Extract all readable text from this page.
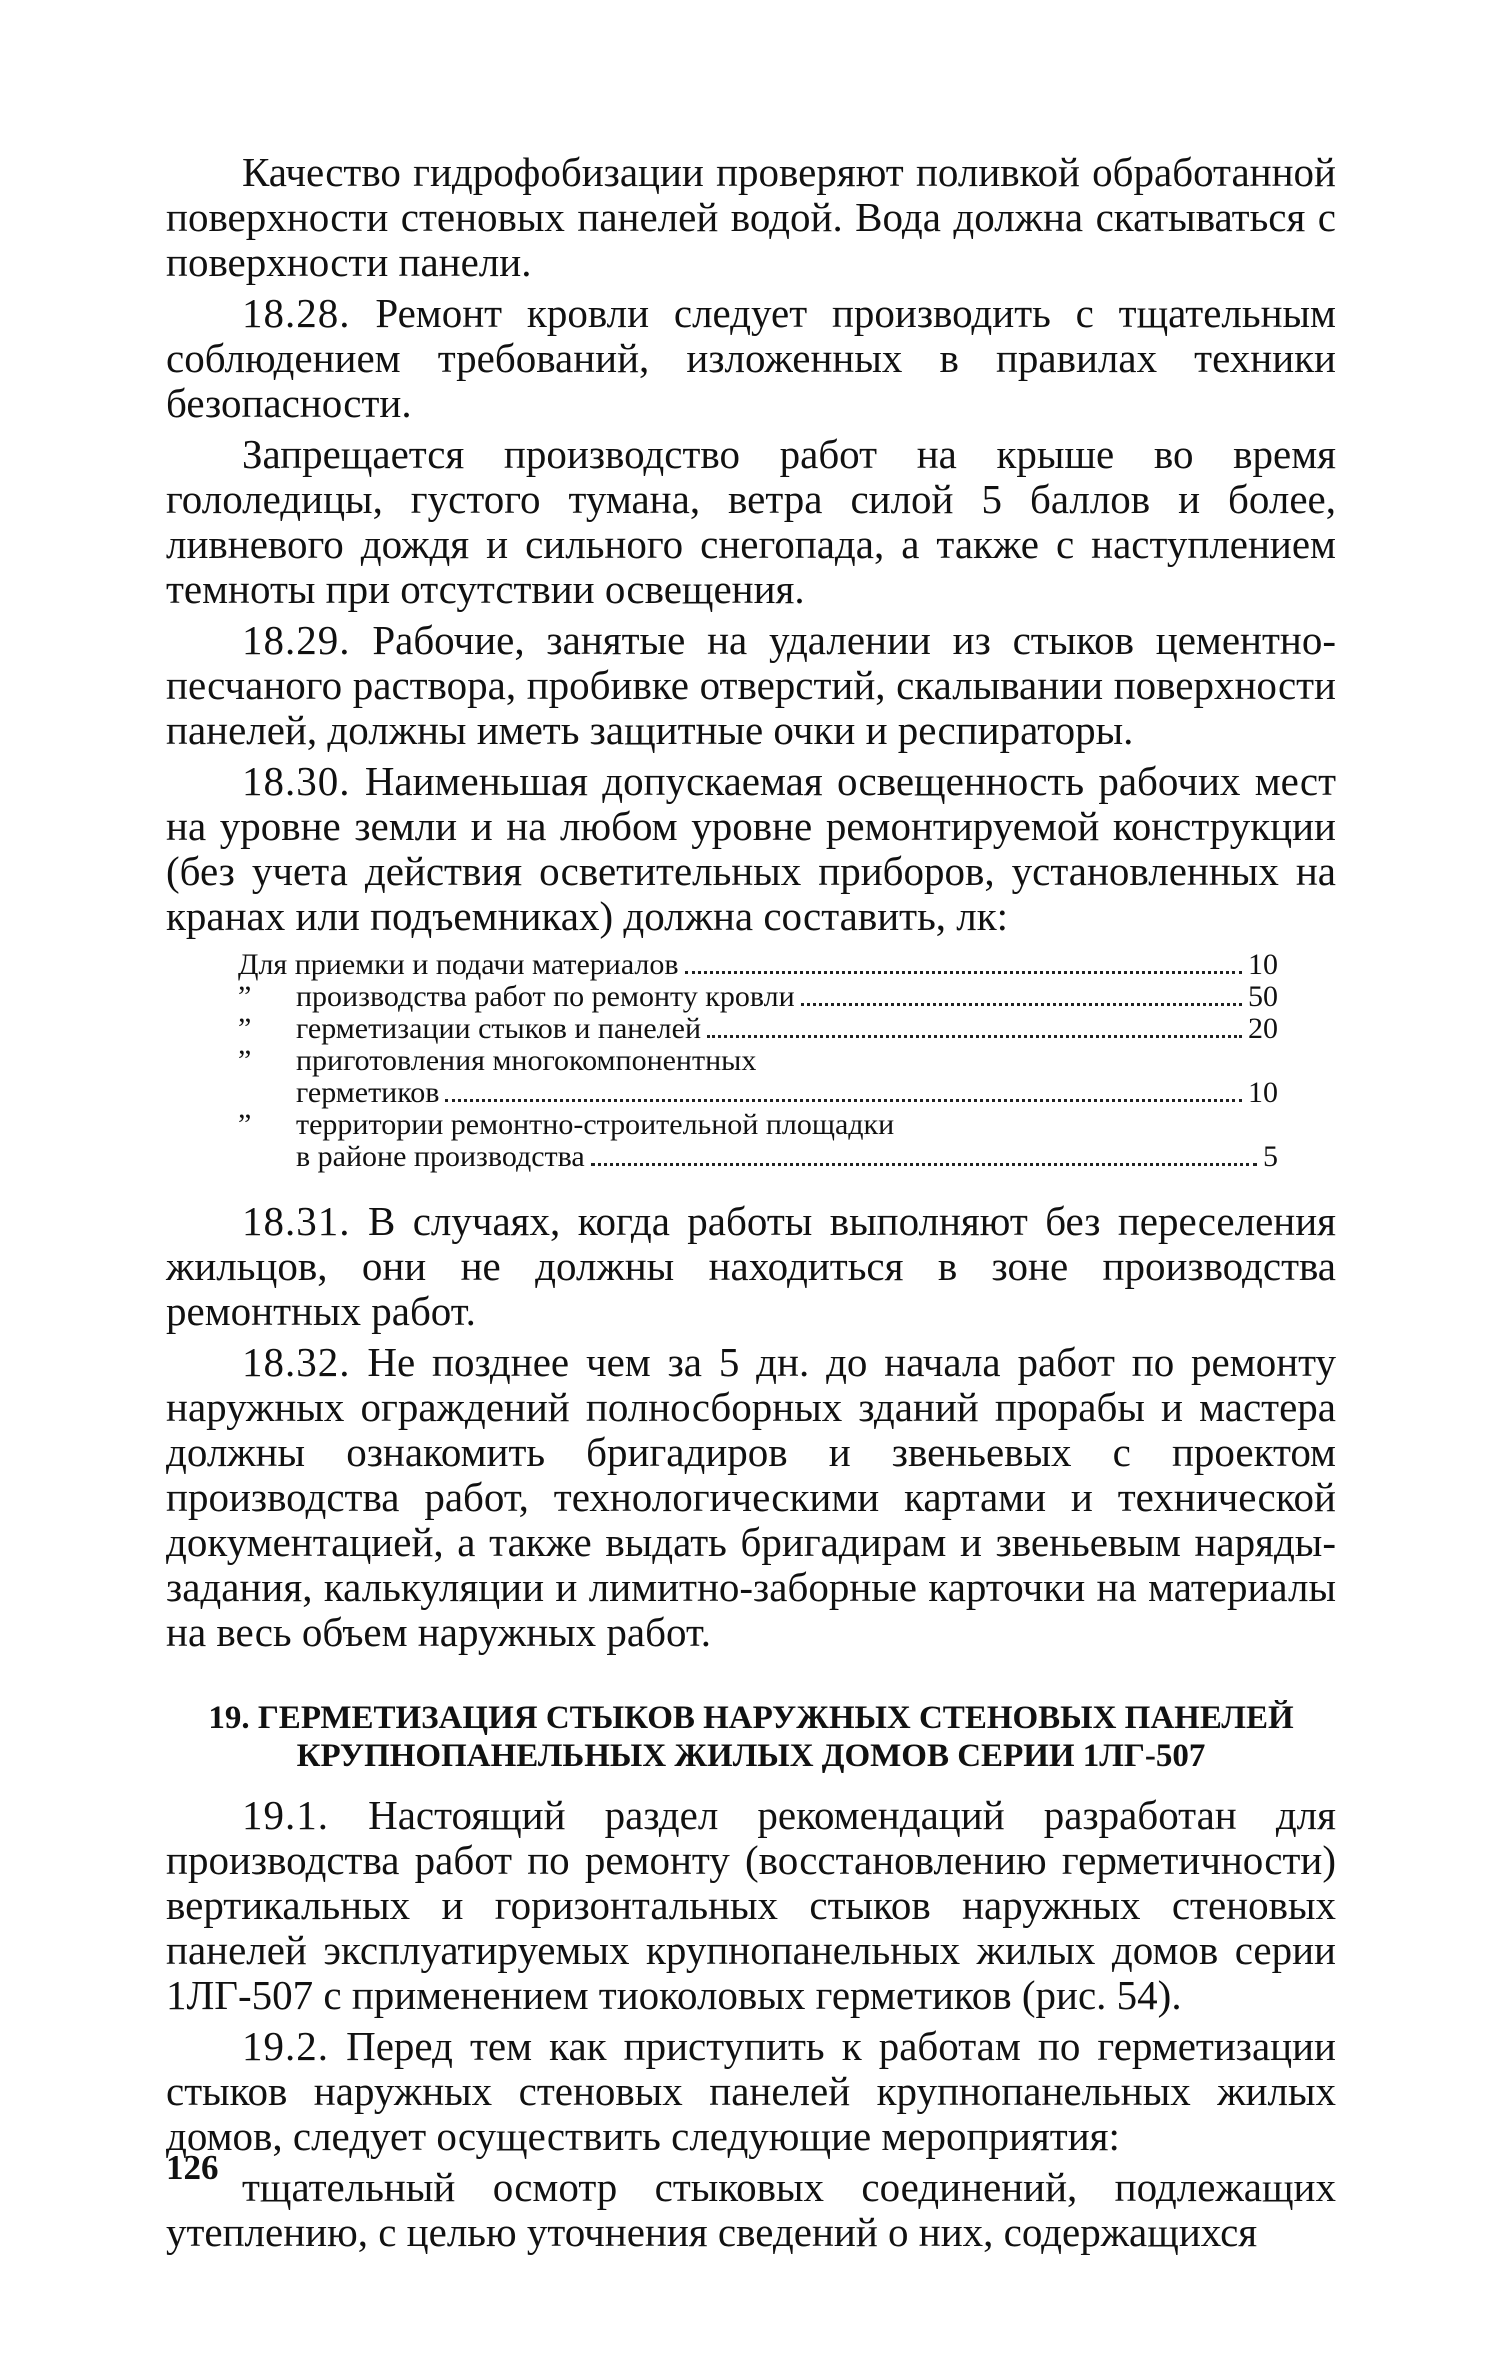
Качество гидрофобизации проверяют поливкой обработанной поверхности стеновых панелей водой. Вода должна скатываться с поверхности панели.

18.28. Ремонт кровли следует производить с тщательным соблюдением требований, изложенных в правилах техники безопасности.

Запрещается производство работ на крыше во время гололедицы, густого тумана, ветра силой 5 баллов и более, ливневого дождя и сильного снегопада, а также с наступлением темноты при отсутствии освещения.

18.29. Рабочие, занятые на удалении из стыков цементно-песчаного раствора, пробивке отверстий, скалывании поверхности панелей, должны иметь защитные очки и респираторы.

18.30. Наименьшая допускаемая освещенность рабочих мест на уровне земли и на любом уровне ремонтируемой конструкции (без учета действия осветительных приборов, установленных на кранах или подъемниках) должна составить, лк:

Для приемки и подачи материалов	10
”	производства работ по ремонту кровли	50
”	герметизации стыков и панелей	20
”	приготовления многокомпонентных
герметиков	10
”	территории ремонтно-строительной площадки
в районе производства	5

18.31. В случаях, когда работы выполняют без переселения жильцов, они не должны находиться в зоне производства ремонтных работ.

18.32. Не позднее чем за 5 дн. до начала работ по ремонту наружных ограждений полносборных зданий прорабы и мастера должны ознакомить бригадиров и звеньевых с проектом производства работ, технологическими картами и технической документацией, а также выдать бригадирам и звеньевым наряды-задания, калькуляции и лимитно-заборные карточки на материалы на весь объем наружных работ.

19. ГЕРМЕТИЗАЦИЯ СТЫКОВ НАРУЖНЫХ СТЕНОВЫХ ПАНЕЛЕЙ
КРУПНОПАНЕЛЬНЫХ ЖИЛЫХ ДОМОВ СЕРИИ 1ЛГ-507

19.1. Настоящий раздел рекомендаций разработан для производства работ по ремонту (восстановлению герметичности) вертикальных и горизонтальных стыков наружных стеновых панелей эксплуатируемых крупнопанельных жилых домов серии 1ЛГ-507 с применением тиоколовых герметиков (рис. 54).

19.2. Перед тем как приступить к работам по герметизации стыков наружных стеновых панелей крупнопанельных жилых домов, следует осуществить следующие мероприятия:

тщательный осмотр стыковых соединений, подлежащих утеплению, с целью уточнения сведений о них, содержащихся

126
